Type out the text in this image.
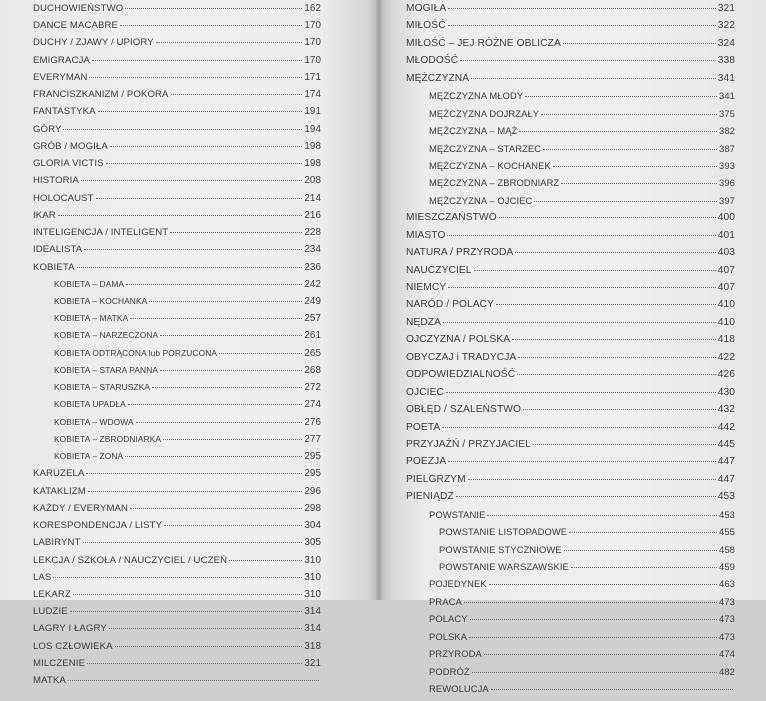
DUCHOWIEŃSTWO	162
DANCE MACABRE	170
DUCHY / ZJAWY / UPIORY	170
EMIGRACJA	170
EVERYMAN	171
FRANCISZKANIZM / POKORA	174
FANTASTYKA	191
GÓRY	194
GRÓB / MOGIŁA	198
GLORIA VICTIS	198
HISTORIA	208
HOLOCAUST	214
IKAR	216
INTELIGENCJA / INTELIGENT	228
IDEALISTA	234
KOBIETA	236
KOBIETA – DAMA	242
KOBIETA – KOCHANKA	249
KOBIETA – MATKA	257
KOBIETA – NARZECZONA	261
KOBIETA ODTRĄCONA lub PORZUCONA	265
KOBIETA – STARA PANNA	268
KOBIETA – STARUSZKA	272
KOBIETA UPADŁA	274
KOBIETA – WDOWA	276
KOBIETA – ZBRODNIARKA	277
KOBIETA – ŻONA	295
KARUZELA	295
KATAKLIZM	296
KAŻDY / EVERYMAN	298
KORESPONDENCJA / LISTY	304
LABIRYNT	305
LEKCJA / SZKOŁA / NAUCZYCIEL / UCZEŃ	310
LAS	310
LEKARZ	310
LUDZIE	314
LAGRY I ŁAGRY	314
LOS CZŁOWIEKA	318
MILCZENIE	321
MATKA
MOGIŁA	321
MIŁOŚĆ	322
MIŁOŚĆ – JEJ RÓŻNE OBLICZA	324
MŁODOŚĆ	338
MĘŻCZYZNA	341
MĘŻCZYZNA MŁODY	341
MĘŻCZYZNA DOJRZAŁY	375
MĘŻCZYZNA – MĄŻ	382
MĘŻCZYZNA – STARZEC	387
MĘŻCZYZNA – KOCHANEK	393
MĘŻCZYZNA – ZBRODNIARZ	396
MĘŻCZYZNA – OJCIEC	397
MIESZCZAŃSTWO	400
MIASTO	401
NATURA / PRZYRODA	403
NAUCZYCIEL	407
NIEMCY	407
NARÓD / POLACY	410
NĘDZA	410
OJCZYZNA / POLSKA	418
OBYCZAJ i TRADYCJA	422
ODPOWIEDZIALNOŚĆ	426
OJCIEC	430
OBŁĘD / SZALEŃSTWO	432
POETA	442
PRZYJAŹŃ / PRZYJACIEL	445
POEZJA	447
PIELGRZYM	447
PIENIĄDZ	453
POWSTANIE	453
POWSTANIE LISTOPADOWE	455
POWSTANIE STYCZNIOWE	458
POWSTANIE WARSZAWSKIE	459
POJEDYNEK	463
PRACA	473
POLACY	473
POLSKA	473
PRZYRODA	474
PODRÓŻ	482
REWOLUCJA
